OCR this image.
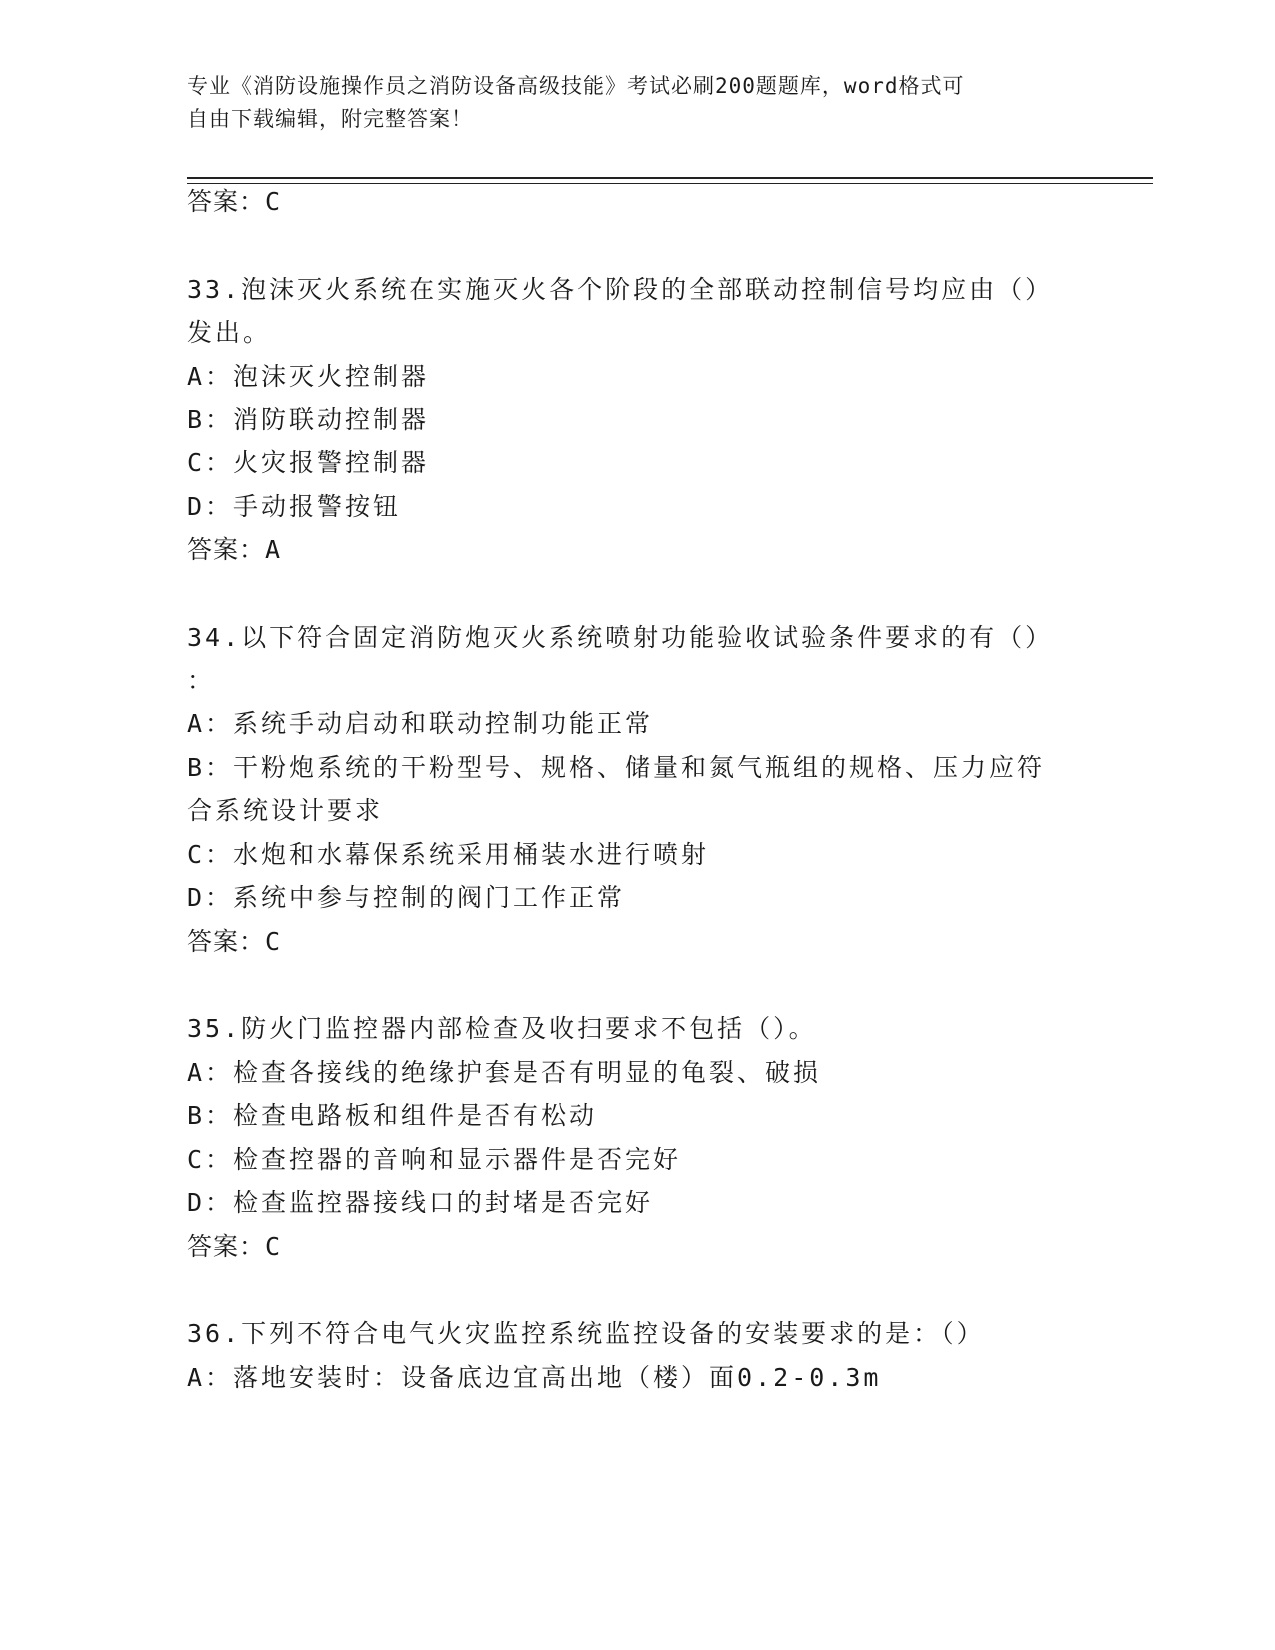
专业《消防设施操作员之消防设备高级技能》考试必刷200题题库，word格式可
自由下载编辑，附完整答案！
答案：C
33.泡沫灭火系统在实施灭火各个阶段的全部联动控制信号均应由（）
发出。
A：泡沫灭火控制器
B：消防联动控制器
C：火灾报警控制器
D：手动报警按钮
答案：A
34.以下符合固定消防炮灭火系统喷射功能验收试验条件要求的有（）
：
A：系统手动启动和联动控制功能正常
B：干粉炮系统的干粉型号、规格、储量和氮气瓶组的规格、压力应符
合系统设计要求
C：水炮和水幕保系统采用桶装水进行喷射
D：系统中参与控制的阀门工作正常
答案：C
35.防火门监控器内部检查及收扫要求不包括（）。
A：检查各接线的绝缘护套是否有明显的龟裂、破损
B：检查电路板和组件是否有松动
C：检查控器的音响和显示器件是否完好
D：检查监控器接线口的封堵是否完好
答案：C
36.下列不符合电气火灾监控系统监控设备的安装要求的是：（）
A：落地安装时：设备底边宜高出地（楼）面0.2-0.3m
